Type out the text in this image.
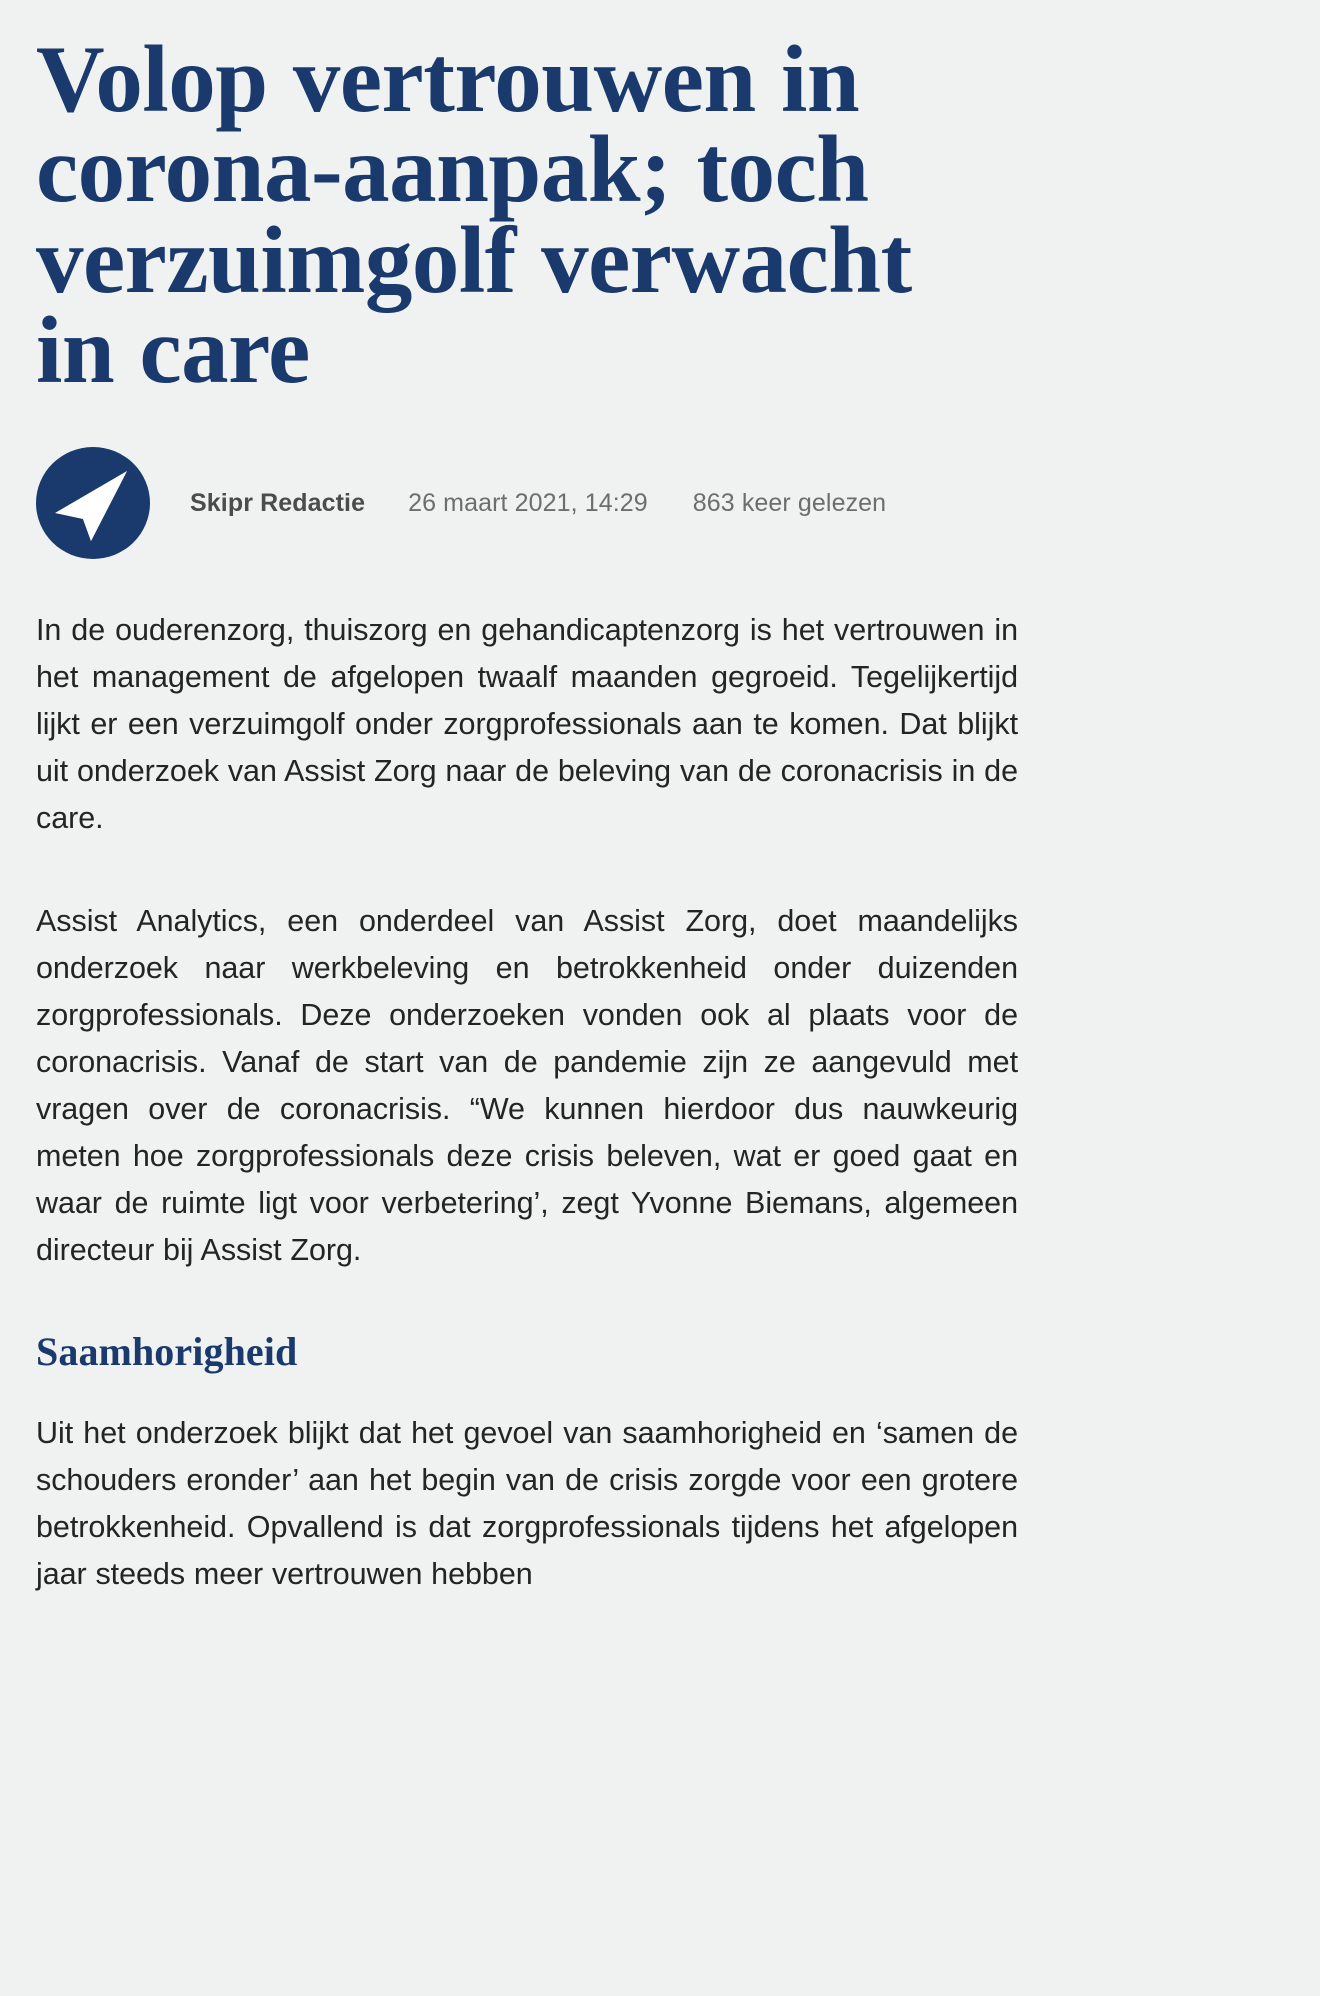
Volop vertrouwen in corona-aanpak; toch verzuimgolf verwacht in care
Skipr Redactie 26 maart 2021, 14:29 863 keer gelezen

In de ouderenzorg, thuiszorg en gehandicaptenzorg is het vertrouwen in het management de afgelopen twaalf maanden gegroeid. Tegelijkertijd lijkt er een verzuimgolf onder zorgprofessionals aan te komen. Dat blijkt uit onderzoek van Assist Zorg naar de beleving van de coronacrisis in de care.

Assist Analytics, een onderdeel van Assist Zorg, doet maandelijks onderzoek naar werkbeleving en betrokkenheid onder duizenden zorgprofessionals. Deze onderzoeken vonden ook al plaats voor de coronacrisis. Vanaf de start van de pandemie zijn ze aangevuld met vragen over de coronacrisis. “We kunnen hierdoor dus nauwkeurig meten hoe zorgprofessionals deze crisis beleven, wat er goed gaat en waar de ruimte ligt voor verbetering’, zegt Yvonne Biemans, algemeen directeur bij Assist Zorg.

Saamhorigheid

Uit het onderzoek blijkt dat het gevoel van saamhorigheid en ‘samen de schouders eronder’ aan het begin van de crisis zorgde voor een grotere betrokkenheid. Opvallend is dat zorgprofessionals tijdens het afgelopen jaar steeds meer vertrouwen hebben
